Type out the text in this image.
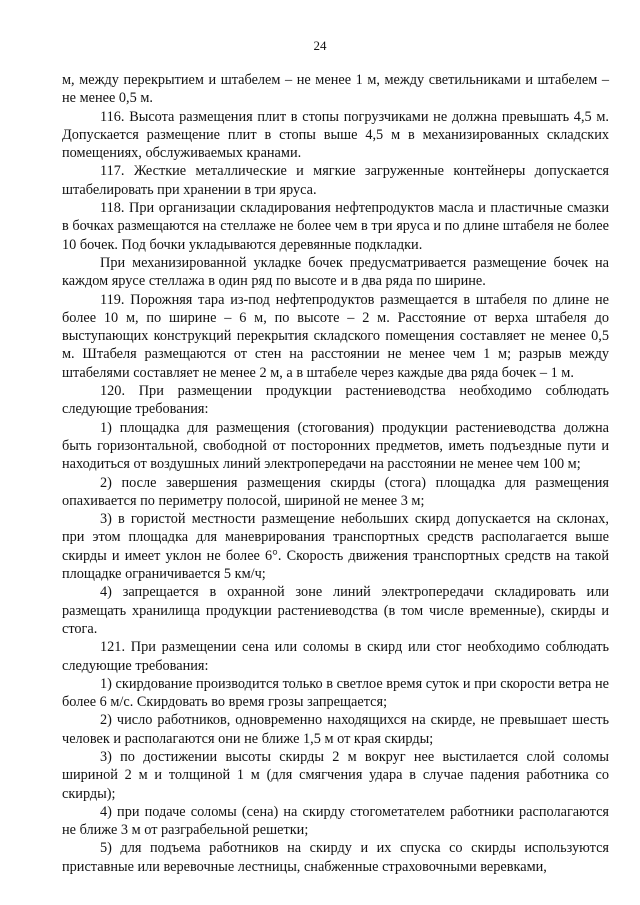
24

м, между перекрытием и штабелем – не менее 1 м, между светильниками и штабелем – не менее 0,5 м.

116. Высота размещения плит в стопы погрузчиками не должна превышать 4,5 м. Допускается размещение плит в стопы выше 4,5 м в механизированных складских помещениях, обслуживаемых кранами.

117. Жесткие металлические и мягкие загруженные контейнеры допускается штабелировать при хранении в три яруса.

118. При организации складирования нефтепродуктов масла и пластичные смазки в бочках размещаются на стеллаже не более чем в три яруса и по длине штабеля не более 10 бочек. Под бочки укладываются деревянные подкладки.

При механизированной укладке бочек предусматривается размещение бочек на каждом ярусе стеллажа в один ряд по высоте и в два ряда по ширине.

119. Порожняя тара из-под нефтепродуктов размещается в штабеля по длине не более 10 м, по ширине – 6 м, по высоте – 2 м. Расстояние от верха штабеля до выступающих конструкций перекрытия складского помещения составляет не менее 0,5 м. Штабеля размещаются от стен на расстоянии не менее чем 1 м; разрыв между штабелями составляет не менее 2 м, а в штабеле через каждые два ряда бочек – 1 м.

120. При размещении продукции растениеводства необходимо соблюдать следующие требования:

1) площадка для размещения (стогования) продукции растениеводства должна быть горизонтальной, свободной от посторонних предметов, иметь подъездные пути и находиться от воздушных линий электропередачи на расстоянии не менее чем 100 м;

2) после завершения размещения скирды (стога) площадка для размещения опахивается по периметру полосой, шириной не менее 3 м;

3) в гористой местности размещение небольших скирд допускается на склонах, при этом площадка для маневрирования транспортных средств располагается выше скирды и имеет уклон не более 6°. Скорость движения транспортных средств на такой площадке ограничивается 5 км/ч;

4) запрещается в охранной зоне линий электропередачи складировать или размещать хранилища продукции растениеводства (в том числе временные), скирды и стога.

121. При размещении сена или соломы в скирд или стог необходимо соблюдать следующие требования:

1) скирдование производится только в светлое время суток и при скорости ветра не более 6 м/с. Скирдовать во время грозы запрещается;

2) число работников, одновременно находящихся на скирде, не превышает шесть человек и располагаются они не ближе 1,5 м от края скирды;

3) по достижении высоты скирды 2 м вокруг нее выстилается слой соломы шириной 2 м и толщиной 1 м (для смягчения удара в случае падения работника со скирды);

4) при подаче соломы (сена) на скирду стогометателем работники располагаются не ближе 3 м от разграбельной решетки;

5) для подъема работников на скирду и их спуска со скирды используются приставные или веревочные лестницы, снабженные страховочными веревками,
